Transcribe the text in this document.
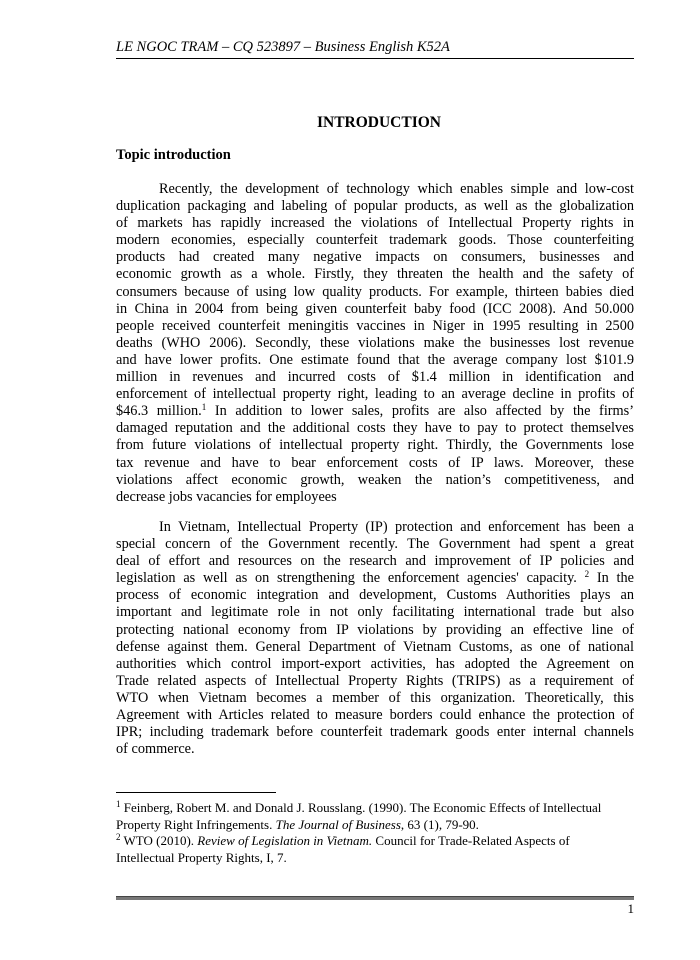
LE NGOC TRAM – CQ 523897 – Business English K52A
INTRODUCTION
Topic introduction
Recently, the development of technology which enables simple and low-cost
duplication packaging and labeling of popular products, as well as the globalization
of markets has rapidly increased the violations of Intellectual Property rights in
modern economies, especially counterfeit trademark goods. Those counterfeiting
products had created many negative impacts on consumers, businesses and
economic growth as a whole. Firstly, they threaten the health and the safety of
consumers because of using low quality products. For example, thirteen babies died
in China in 2004 from being given counterfeit baby food (ICC 2008). And 50.000
people received counterfeit meningitis vaccines in Niger in 1995 resulting in 2500
deaths (WHO 2006). Secondly, these violations make the businesses lost revenue
and have lower profits. One estimate found that the average company lost $101.9
million in revenues and incurred costs of $1.4 million in identification and
enforcement of intellectual property right, leading to an average decline in profits of
$46.3 million.$^1$ In addition to lower sales, profits are also affected by the firms’
damaged reputation and the additional costs they have to pay to protect themselves
from future violations of intellectual property right. Thirdly, the Governments lose
tax revenue and have to bear enforcement costs of IP laws. Moreover, these
violations affect economic growth, weaken the nation’s competitiveness, and
decrease jobs vacancies for employees
In Vietnam, Intellectual Property (IP) protection and enforcement has been a
special concern of the Government recently. The Government had spent a great
deal of effort and resources on the research and improvement of IP policies and
legislation as well as on strengthening the enforcement agencies' capacity. $^2$ In the
process of economic integration and development, Customs Authorities plays an
important and legitimate role in not only facilitating international trade but also
protecting national economy from IP violations by providing an effective line of
defense against them. General Department of Vietnam Customs, as one of national
authorities which control import-export activities, has adopted the Agreement on
Trade related aspects of Intellectual Property Rights (TRIPS) as a requirement of
WTO when Vietnam becomes a member of this organization. Theoretically, this
Agreement with Articles related to measure borders could enhance the protection of
IPR; including trademark before counterfeit trademark goods enter internal channels
of commerce.
$^1$ Feinberg, Robert M. and Donald J. Rousslang. (1990). The Economic Effects of Intellectual Property Right Infringements. The Journal of Business, 63 (1), 79-90.
$^2$ WTO (2010). Review of Legislation in Vietnam. Council for Trade-Related Aspects of Intellectual Property Rights, I, 7.
1
